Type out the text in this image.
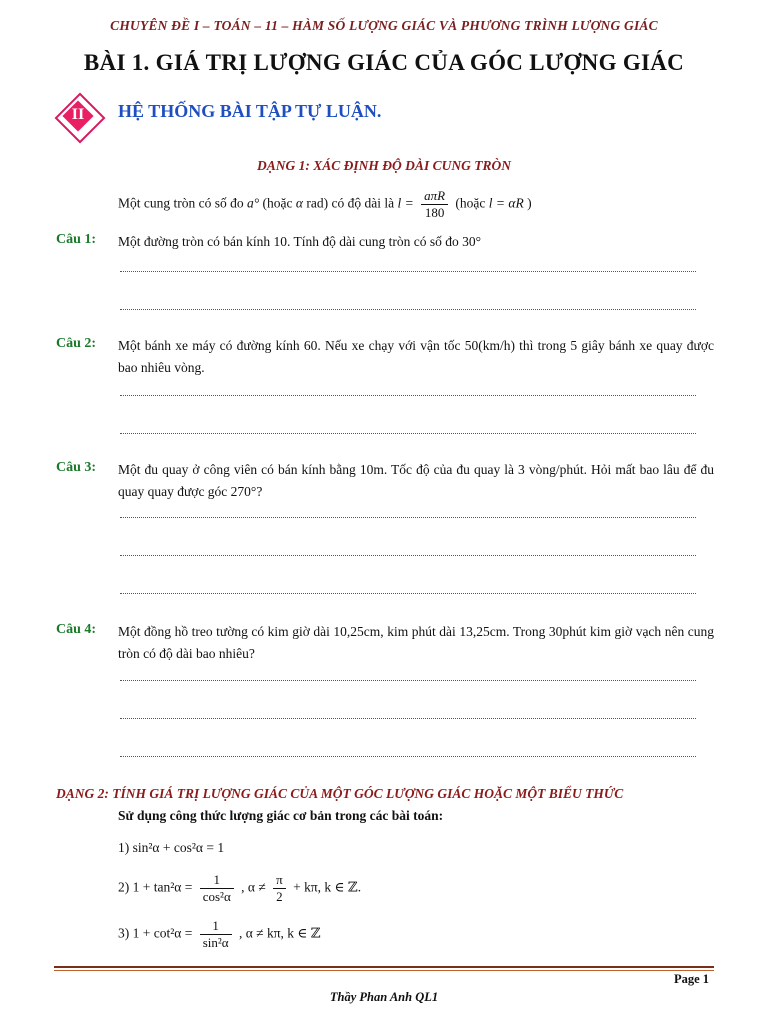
CHUYÊN ĐỀ I – TOÁN – 11 – HÀM SỐ LƯỢNG GIÁC VÀ PHƯƠNG TRÌNH LƯỢNG GIÁC
BÀI 1. GIÁ TRỊ LƯỢNG GIÁC CỦA GÓC LƯỢNG GIÁC
II	HỆ THỐNG BÀI TẬP TỰ LUẬN.
DẠNG 1: XÁC ĐỊNH ĐỘ DÀI CUNG TRÒN
Một cung tròn có số đo a° (hoặc α rad) có độ dài là $l = \frac{\text{aπR}}{180}$ (hoặc l = αR )
Câu 1: Một đường tròn có bán kính 10. Tính độ dài cung tròn có số đo 30°
Câu 2: Một bánh xe máy có đường kính 60. Nếu xe chạy với vận tốc 50(km/h) thì trong 5 giây bánh xe quay được bao nhiêu vòng.
Câu 3: Một đu quay ở công viên có bán kính bằng 10m. Tốc độ của đu quay là 3 vòng/phút. Hỏi mất bao lâu để đu quay quay được góc 270°?
Câu 4: Một đồng hồ treo tường có kim giờ dài 10,25cm, kim phút dài 13,25cm. Trong 30phút kim giờ vạch nên cung tròn có độ dài bao nhiêu?
DẠNG 2: TÍNH GIÁ TRỊ LƯỢNG GIÁC CỦA MỘT GÓC LƯỢNG GIÁC HOẶC MỘT BIỂU THỨC
Sử dụng công thức lượng giác cơ bản trong các bài toán:
1) sin²α + cos²α = 1
2) $1 + \tan^2\alpha = \frac{1}{\text{cos²α}}$ , $\alpha \ne \frac{\pi}{2} + k\pi$, k ∈ ℤ.
3) $1 + \cot^2\alpha = \frac{1}{\text{sin²α}}$ , α ≠ kπ, k ∈ ℤ
Page 1
Thầy Phan Anh QL1
